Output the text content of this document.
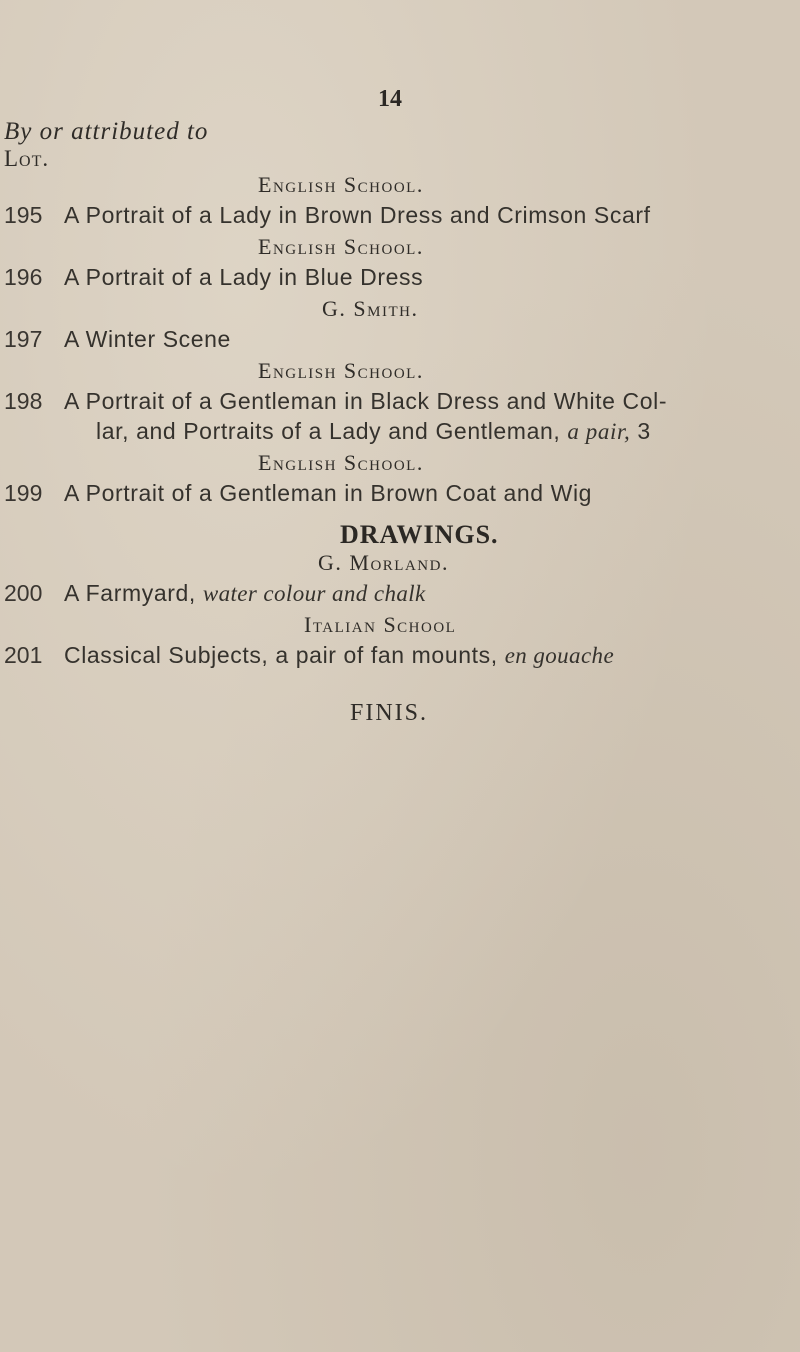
14
By or attributed to
Lot.
English School.
195 A Portrait of a Lady in Brown Dress and Crimson Scarf
English School.
196 A Portrait of a Lady in Blue Dress
G. Smith.
197 A Winter Scene
English School.
198 A Portrait of a Gentleman in Black Dress and White Col-
lar, and Portraits of a Lady and Gentleman, a pair, 3
English School.
199 A Portrait of a Gentleman in Brown Coat and Wig
DRAWINGS.
G. Morland.
200 A Farmyard, water colour and chalk
Italian School
201 Classical Subjects, a pair of fan mounts, en gouache
FINIS.
